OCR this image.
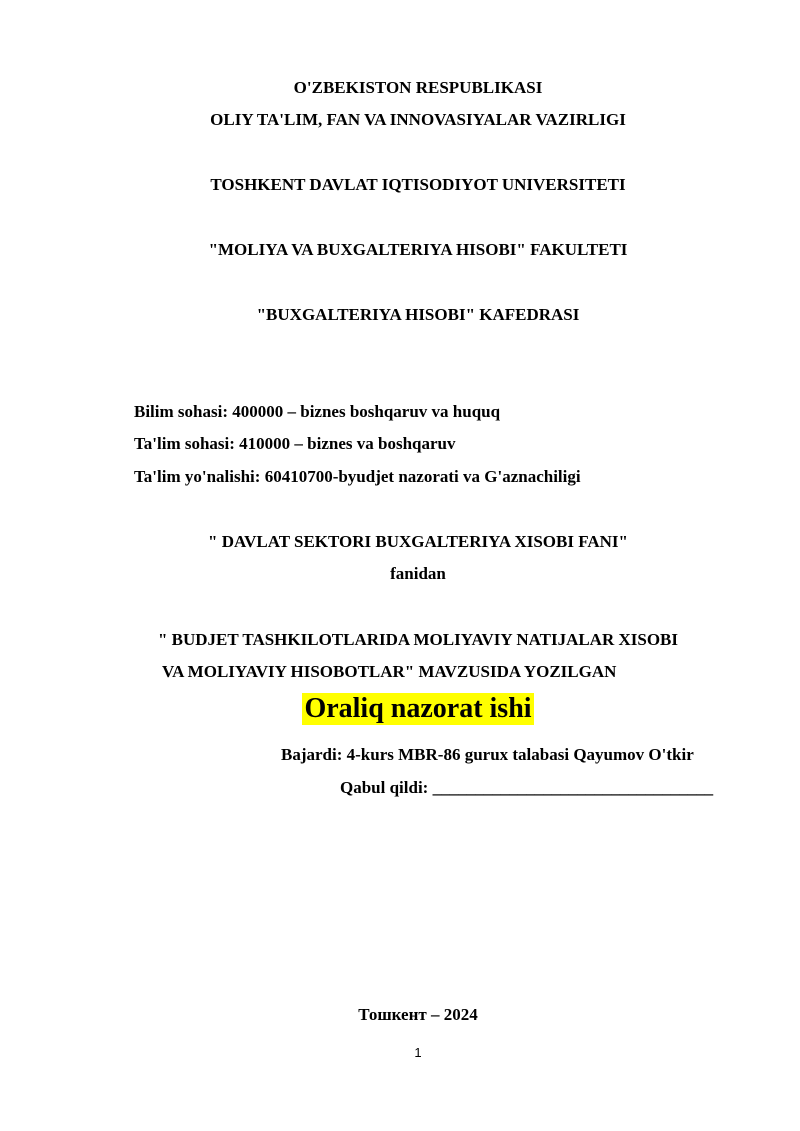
O'ZBEKISTON RESPUBLIKASI
OLIY TA'LIM, FAN VA INNOVASIYALAR VAZIRLIGI
TOSHKENT DAVLAT IQTISODIYOT UNIVERSITETI
"MOLIYA VA BUXGALTERIYA HISOBI" FAKULTETI
"BUXGALTERIYA HISOBI" KAFEDRASI
Bilim sohasi: 400000 – biznes boshqaruv va huquq
Ta'lim sohasi: 410000 – biznes va boshqaruv
Ta'lim yo'nalishi: 60410700-byudjet nazorati va G'aznachiligi
" DAVLAT SEKTORI BUXGALTERIYA XISOBI FANI"
fanidan
" BUDJET TASHKILOTLARIDA MOLIYAVIY NATIJALAR XISOBI
VA MOLIYAVIY HISOBOTLAR" MAVZUSIDA YOZILGAN
Oraliq nazorat ishi
Bajardi: 4-kurs MBR-86 gurux talabasi Qayumov O'tkir
Qabul qildi: _________________________________
Тошкент – 2024
1
